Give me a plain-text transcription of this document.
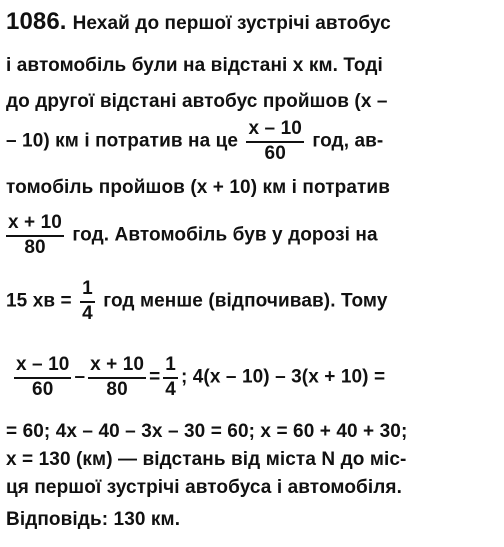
1086. Нехай до першої зустрічі автобус
і автомобіль були на відстані x км. Тоді
до другої відстані автобус пройшов (x –
– 10) км і потратив на це $\frac{x - 10}{60}$ год, ав-
томобіль пройшов (x + 10) км і потратив
$\frac{x + 10}{80}$ год. Автомобіль був у дорозі на
15 хв = $\frac{1}{4}$ год менше (відпочивав). Тому
$\frac{x - 10}{60} - \frac{x + 10}{80} = \frac{1}{4}$ ; 4(x – 10) – 3(x + 10) =
= 60; 4x – 40 – 3x – 30 = 60; x = 60 + 40 + 30;
x = 130 (км) — відстань від міста N до міс-
ця першої зустрічі автобуса і автомобіля.
Відповідь: 130 км.
